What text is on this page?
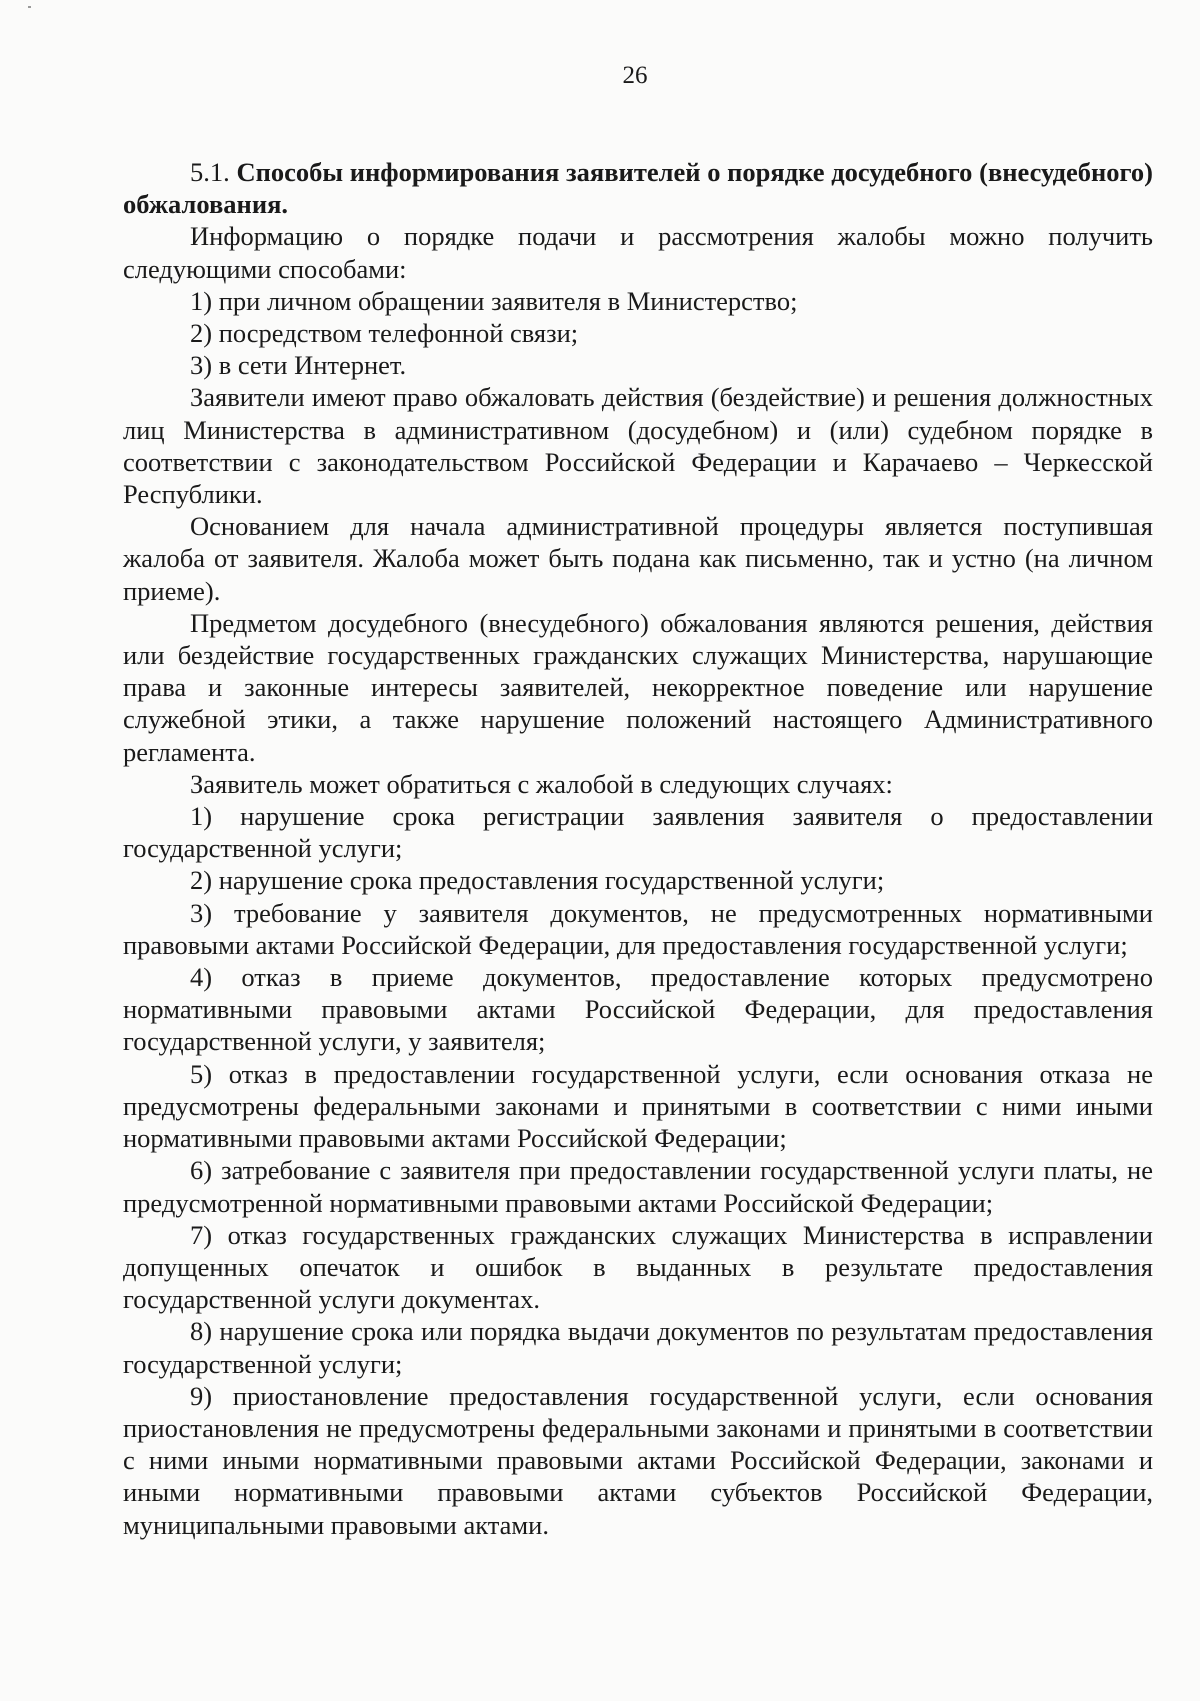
26

5.1. Способы информирования заявителей о порядке досудебного (внесудебного) обжалования.

Информацию о порядке подачи и рассмотрения жалобы можно получить следующими способами:

1) при личном обращении заявителя в Министерство;

2) посредством телефонной связи;

3) в сети Интернет.

Заявители имеют право обжаловать действия (бездействие) и решения должностных лиц Министерства в административном (досудебном) и (или) судебном порядке в соответствии с законодательством Российской Федерации и Карачаево – Черкесской Республики.

Основанием для начала административной процедуры является поступившая жалоба от заявителя. Жалоба может быть подана как письменно, так и устно (на личном приеме).

Предметом досудебного (внесудебного) обжалования являются решения, действия или бездействие государственных гражданских служащих Министерства, нарушающие права и законные интересы заявителей, некорректное поведение или нарушение служебной этики, а также нарушение положений настоящего Административного регламента.

Заявитель может обратиться с жалобой в следующих случаях:

1) нарушение срока регистрации заявления заявителя о предоставлении государственной услуги;

2) нарушение срока предоставления государственной услуги;

3) требование у заявителя документов, не предусмотренных нормативными правовыми актами Российской Федерации, для предоставления государственной услуги;

4) отказ в приеме документов, предоставление которых предусмотрено нормативными правовыми актами Российской Федерации, для предоставления государственной услуги, у заявителя;

5) отказ в предоставлении государственной услуги, если основания отказа не предусмотрены федеральными законами и принятыми в соответствии с ними иными нормативными правовыми актами Российской Федерации;

6) затребование с заявителя при предоставлении государственной услуги платы, не предусмотренной нормативными правовыми актами Российской Федерации;

7) отказ государственных гражданских служащих Министерства в исправлении допущенных опечаток и ошибок в выданных в результате предоставления государственной услуги документах.

8) нарушение срока или порядка выдачи документов по результатам предоставления государственной услуги;

9) приостановление предоставления государственной услуги, если основания приостановления не предусмотрены федеральными законами и принятыми в соответствии с ними иными нормативными правовыми актами Российской Федерации, законами и иными нормативными правовыми актами субъектов Российской Федерации, муниципальными правовыми актами.
